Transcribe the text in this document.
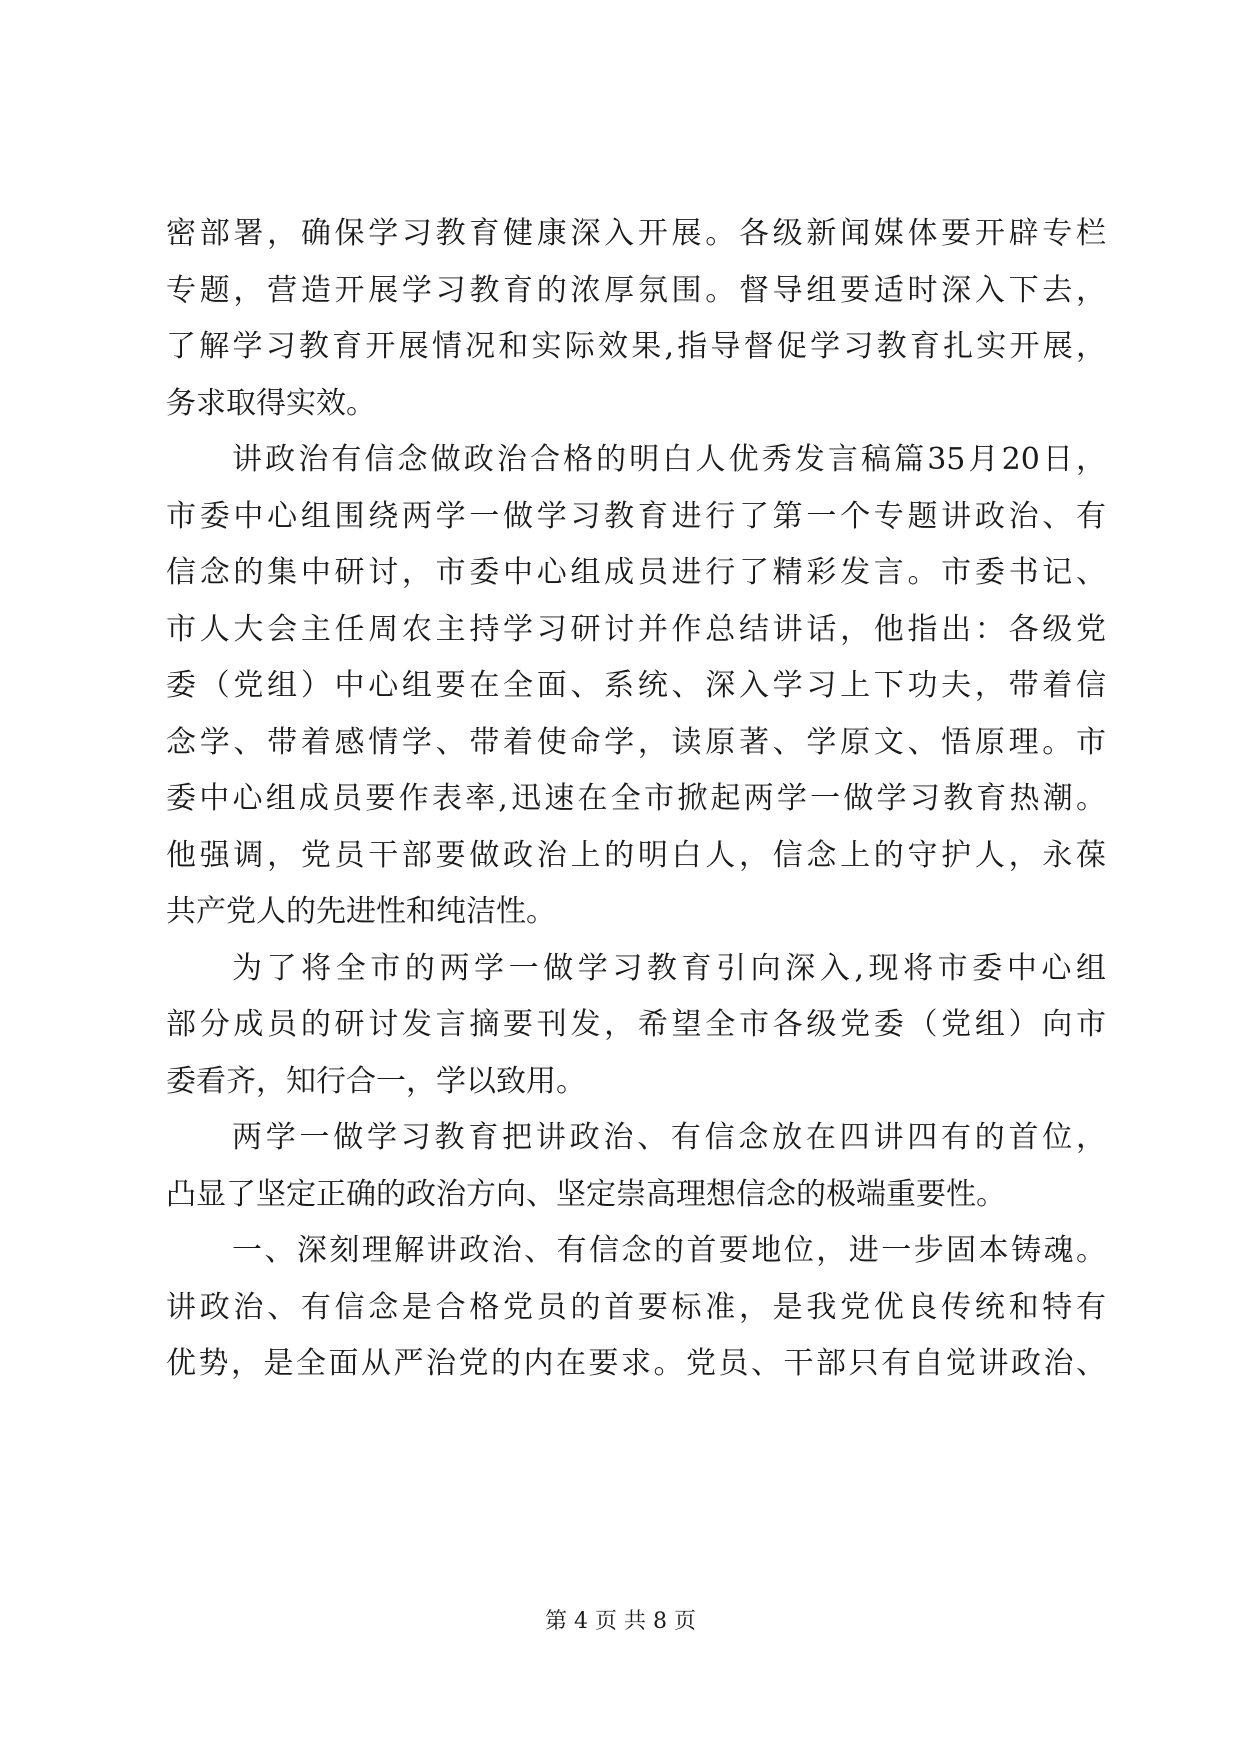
密部署，确保学习教育健康深入开展。各级新闻媒体要开辟专栏
专题，营造开展学习教育的浓厚氛围。督导组要适时深入下去，
了解学习教育开展情况和实际效果,指导督促学习教育扎实开展，
务求取得实效。
讲政治有信念做政治合格的明白人优秀发言稿篇35月20日，
市委中心组围绕两学一做学习教育进行了第一个专题讲政治、有
信念的集中研讨，市委中心组成员进行了精彩发言。市委书记、
市人大会主任周农主持学习研讨并作总结讲话，他指出：各级党
委（党组）中心组要在全面、系统、深入学习上下功夫，带着信
念学、带着感情学、带着使命学，读原著、学原文、悟原理。市
委中心组成员要作表率,迅速在全市掀起两学一做学习教育热潮。
他强调，党员干部要做政治上的明白人，信念上的守护人，永葆
共产党人的先进性和纯洁性。
为了将全市的两学一做学习教育引向深入,现将市委中心组
部分成员的研讨发言摘要刊发，希望全市各级党委（党组）向市
委看齐，知行合一，学以致用。
两学一做学习教育把讲政治、有信念放在四讲四有的首位，
凸显了坚定正确的政治方向、坚定崇高理想信念的极端重要性。
一、深刻理解讲政治、有信念的首要地位，进一步固本铸魂。
讲政治、有信念是合格党员的首要标准，是我党优良传统和特有
优势，是全面从严治党的内在要求。党员、干部只有自觉讲政治、
第 4 页 共 8 页
